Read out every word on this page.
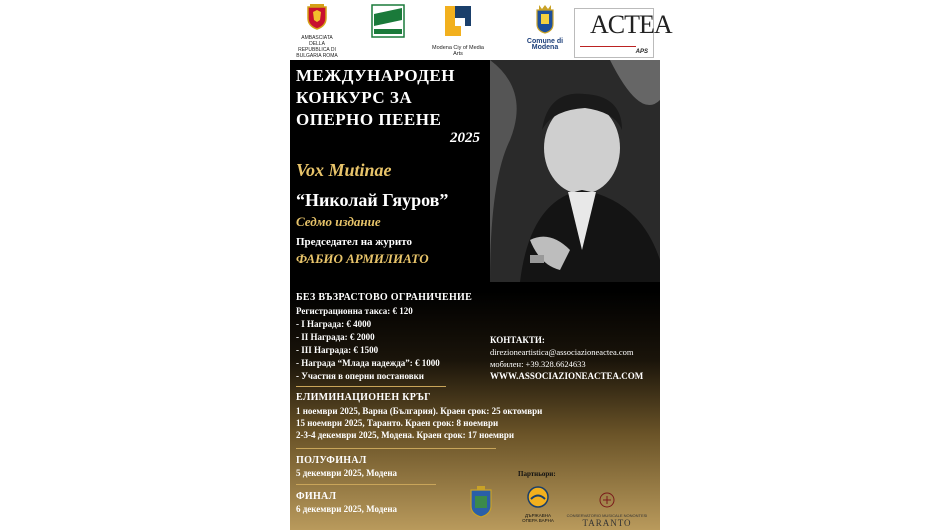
AMBASCIATA DELLA REPUBBLICA DI BULGARIA ROMA
Modena Ciy of Media Arts
Comune di Modena
ACTEA
APS
МЕЖДУНАРОДЕН
КОНКУРС ЗА
ОПЕРНО ПЕЕНЕ
2025
Vox Mutinae
“Николай Гяуров”
Седмо издание
Председател на журито
ФАБИО АРМИЛИАТО
БЕЗ ВЪЗРАСТОВО ОГРАНИЧЕНИЕ
Регистрационна такса: € 120
- I Награда: € 4000
- II Награда: € 2000
- III Награда: € 1500
- Награда “Млада надежда”: € 1000
- Участия в оперни постановки
КОНТАКТИ:
direzioneartistica@associazioneactea.com
мобилен: +39.328.6624633
WWW.ASSOCIAZIONEACTEA.COM
ЕЛИМИНАЦИОНЕН КРЪГ
1 ноември 2025, Варна (България). Краен срок: 25 октомври
15 ноември 2025, Таранто. Краен срок: 8 ноември
2-3-4 декември 2025, Модена. Краен срок: 17 ноември
ПОЛУФИНАЛ
5 декември 2025, Модена
ФИНАЛ
6 декември 2025, Модена
Партньори:
ДЪРЖАВНА ОПЕРА ВАРНА
CONSERVATORIO MUSICALE NONONTESI
TARANTO
